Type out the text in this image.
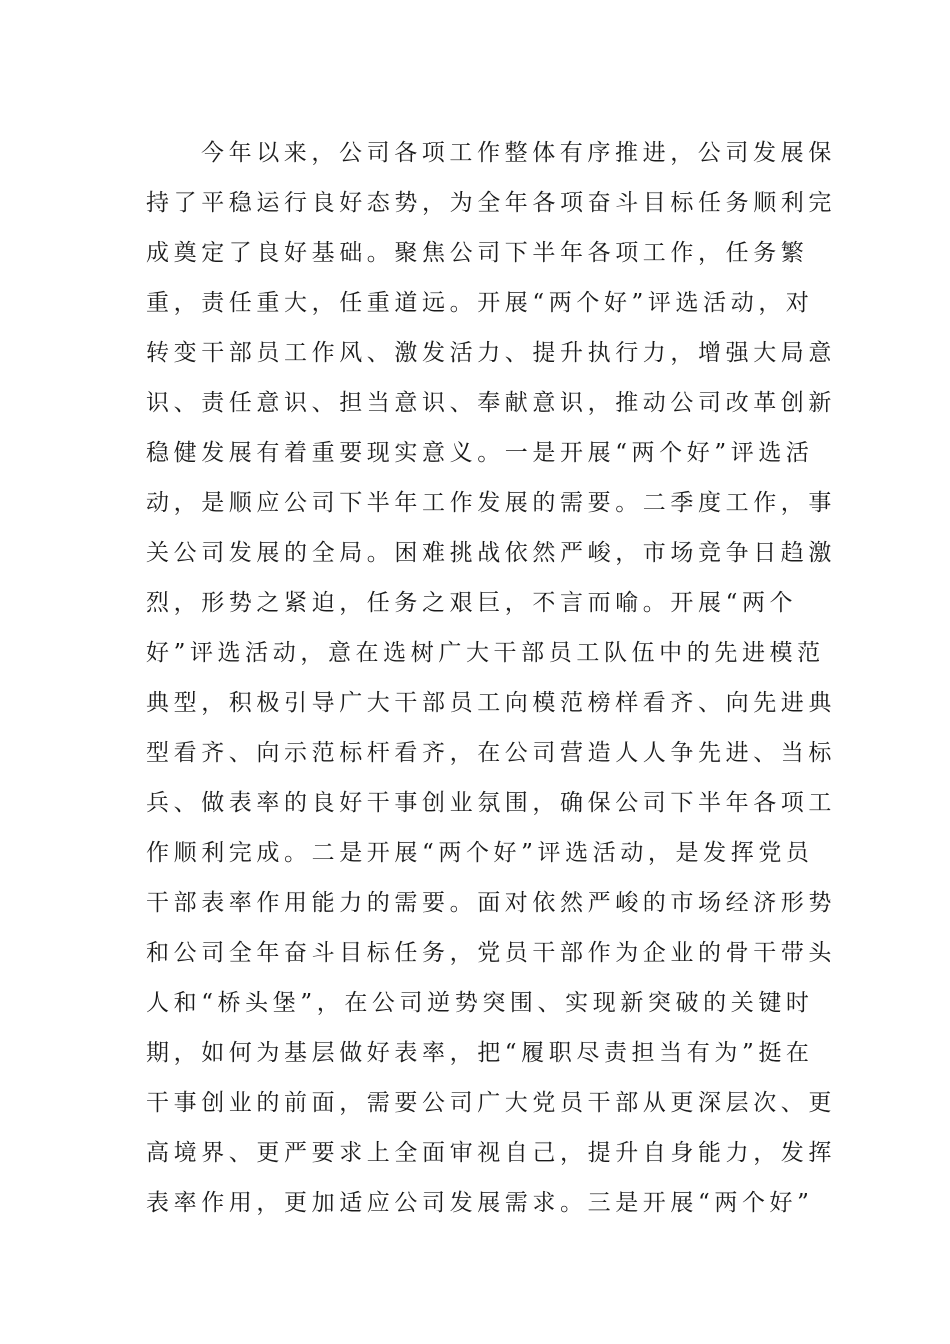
今年以来，公司各项工作整体有序推进，公司发展保
持了平稳运行良好态势，为全年各项奋斗目标任务顺利完
成奠定了良好基础。聚焦公司下半年各项工作，任务繁
重，责任重大，任重道远。开展“两个好”评选活动，对
转变干部员工作风、激发活力、提升执行力，增强大局意
识、责任意识、担当意识、奉献意识，推动公司改革创新
稳健发展有着重要现实意义。一是开展“两个好”评选活
动，是顺应公司下半年工作发展的需要。二季度工作，事
关公司发展的全局。困难挑战依然严峻，市场竞争日趋激
烈，形势之紧迫，任务之艰巨，不言而喻。开展“两个
好”评选活动，意在选树广大干部员工队伍中的先进模范
典型，积极引导广大干部员工向模范榜样看齐、向先进典
型看齐、向示范标杆看齐，在公司营造人人争先进、当标
兵、做表率的良好干事创业氛围，确保公司下半年各项工
作顺利完成。二是开展“两个好”评选活动，是发挥党员
干部表率作用能力的需要。面对依然严峻的市场经济形势
和公司全年奋斗目标任务，党员干部作为企业的骨干带头
人和“桥头堡”，在公司逆势突围、实现新突破的关键时
期，如何为基层做好表率，把“履职尽责担当有为”挺在
干事创业的前面，需要公司广大党员干部从更深层次、更
高境界、更严要求上全面审视自己，提升自身能力，发挥
表率作用，更加适应公司发展需求。三是开展“两个好”
